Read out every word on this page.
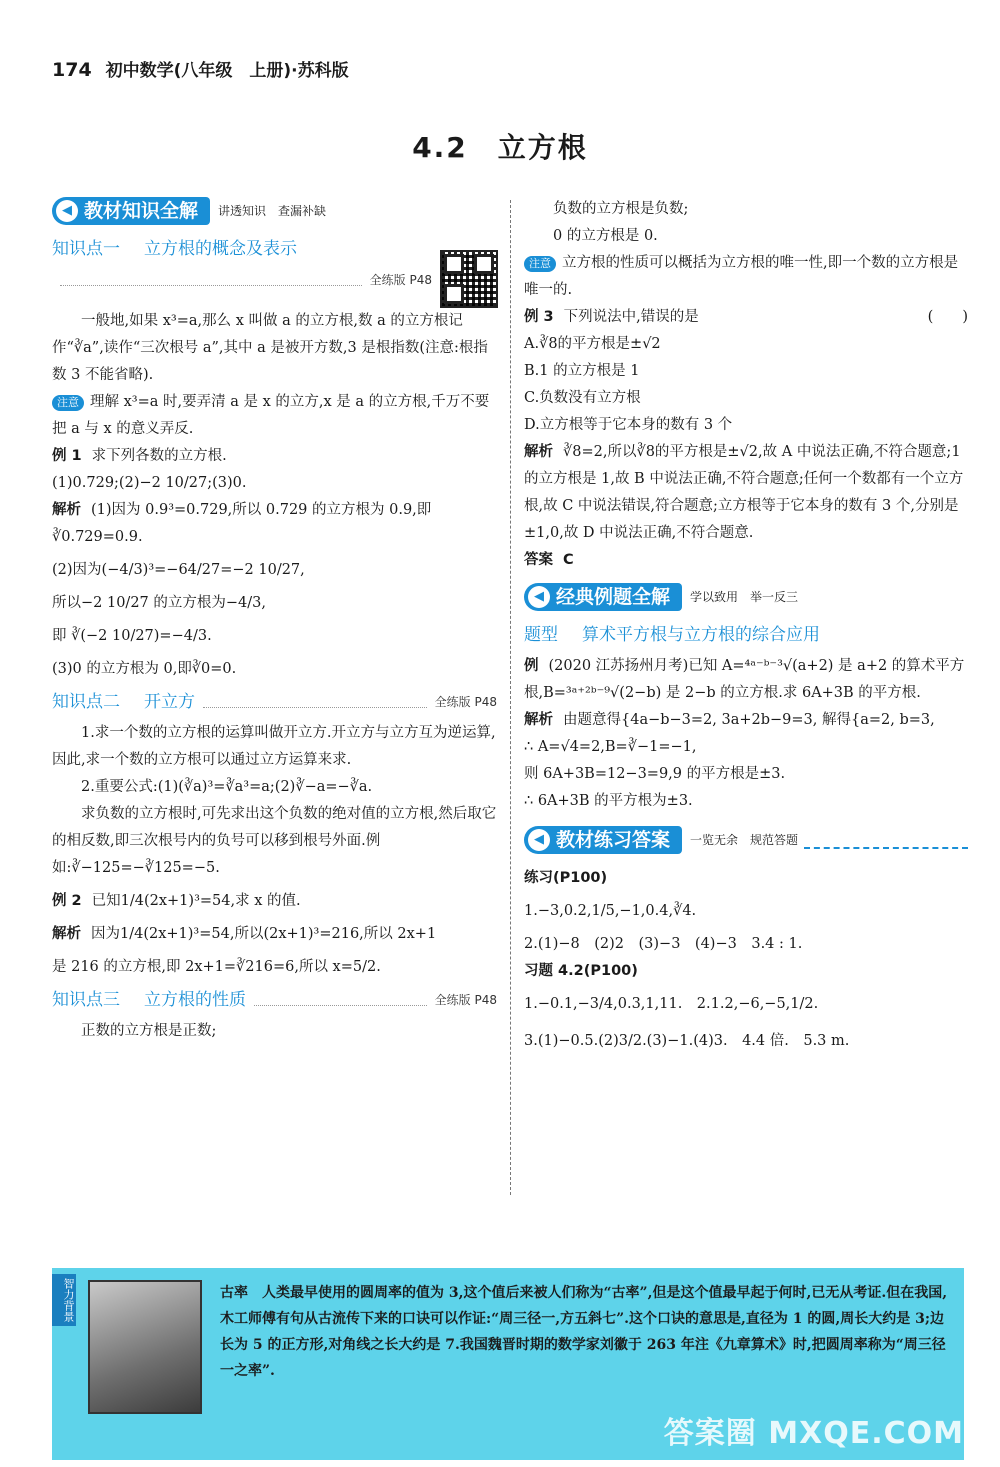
174 初中数学(八年级　上册)·苏科版
4.2　立方根
◀ 教材知识全解 讲透知识　查漏补缺
知识点一 立方根的概念及表示
全练版 P48

一般地,如果 x³=a,那么 x 叫做 a 的立方根,数 a 的立方根记作“∛a”,读作“三次根号 a”,其中 a 是被开方数,3 是根指数(注意:根指数 3 不能省略).

注意 理解 x³=a 时,要弄清 a 是 x 的立方,x 是 a 的立方根,千万不要把 a 与 x 的意义弄反.

例 1 求下列各数的立方根.

(1)0.729;(2)−2 10/27;(3)0.

解析 (1)因为 0.9³=0.729,所以 0.729 的立方根为 0.9,即 ∛0.729=0.9.

(2)因为(−4/3)³=−64/27=−2 10/27,

所以−2 10/27 的立方根为−4/3,

即 ∛(−2 10/27)=−4/3.

(3)0 的立方根为 0,即∛0=0.

知识点二 开立方	全练版 P48

1.求一个数的立方根的运算叫做开立方.开立方与立方互为逆运算,因此,求一个数的立方根可以通过立方运算来求.

2.重要公式:(1)(∛a)³=∛a³=a;(2)∛−a=−∛a.

求负数的立方根时,可先求出这个负数的绝对值的立方根,然后取它的相反数,即三次根号内的负号可以移到根号外面.例如:∛−125=−∛125=−5.

例 2 已知1/4(2x+1)³=54,求 x 的值.

解析 因为1/4(2x+1)³=54,所以(2x+1)³=216,所以 2x+1

是 216 的立方根,即 2x+1=∛216=6,所以 x=5/2.

知识点三 立方根的性质	全练版 P48

正数的立方根是正数;

负数的立方根是负数;

0 的立方根是 0.

注意 立方根的性质可以概括为立方根的唯一性,即一个数的立方根是唯一的.

例 3 下列说法中,错误的是	(　　)

A.∛8的平方根是±√2

B.1 的立方根是 1

C.负数没有立方根

D.立方根等于它本身的数有 3 个

解析 ∛8=2,所以∛8的平方根是±√2,故 A 中说法正确,不符合题意;1 的立方根是 1,故 B 中说法正确,不符合题意;任何一个数都有一个立方根,故 C 中说法错误,符合题意;立方根等于它本身的数有 3 个,分别是±1,0,故 D 中说法正确,不符合题意.

答案 C

◀ 经典例题全解 学以致用　举一反三
题型 算术平方根与立方根的综合应用

例 (2020 江苏扬州月考)已知 A=⁴ᵃ⁻ᵇ⁻³√(a+2) 是 a+2 的算术平方根,B=³ᵃ⁺²ᵇ⁻⁹√(2−b) 是 2−b 的立方根.求 6A+3B 的平方根.

解析 由题意得{4a−b−3=2, 3a+2b−9=3, 解得{a=2, b=3,

∴ A=√4=2,B=∛−1=−1,

则 6A+3B=12−3=9,9 的平方根是±3.

∴ 6A+3B 的平方根为±3.

◀ 教材练习答案 一览无余　规范答题

练习(P100)

1.−3,0.2,1/5,−1,0.4,∛4.

2.(1)−8　(2)2　(3)−3　(4)−3　3.4 : 1.

习题 4.2(P100)

1.−0.1,−3/4,0.3,1,11.　2.1.2,−6,−5,1/2.

3.(1)−0.5.(2)3/2.(3)−1.(4)3.　4.4 倍.　5.3 m.

智力背景	古率 人类最早使用的圆周率的值为 3,这个值后来被人们称为“古率”,但是这个值最早起于何时,已无从考证.但在我国,木工师傅有句从古流传下来的口诀可以作证:“周三径一,方五斜七”.这个口诀的意思是,直径为 1 的圆,周长大约是 3;边长为 5 的正方形,对角线之长大约是 7.我国魏晋时期的数学家刘徽于 263 年注《九章算术》时,把圆周率称为“周三径一之率”.
答案圈 MXQE.COM
